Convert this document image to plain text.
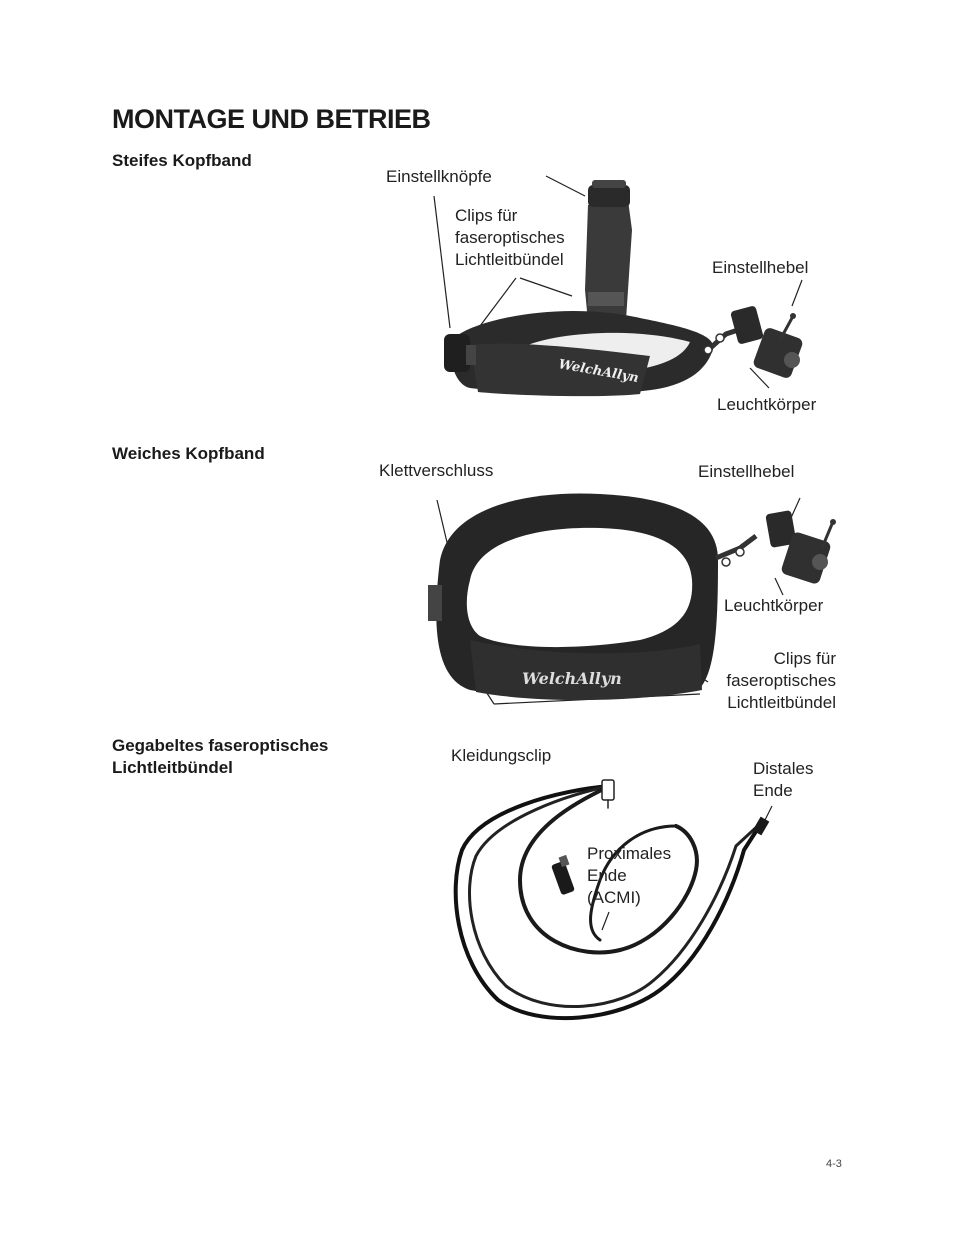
MONTAGE UND BETRIEB
Steifes Kopfband
WelchAllyn
Einstellknöpfe
Clips für
faseroptisches
Lichtleitbündel	Einstellhebel
Leuchtkörper
Weiches Kopfband
WelchAllyn
Klettverschluss	Einstellhebel
Leuchtkörper
Clips für
faseroptisches
Lichtleitbündel
Gegabeltes faseroptisches
Lichtleitbündel
Kleidungsclip
Distales
Ende
Proximales
Ende
(ACMI)
4-3
